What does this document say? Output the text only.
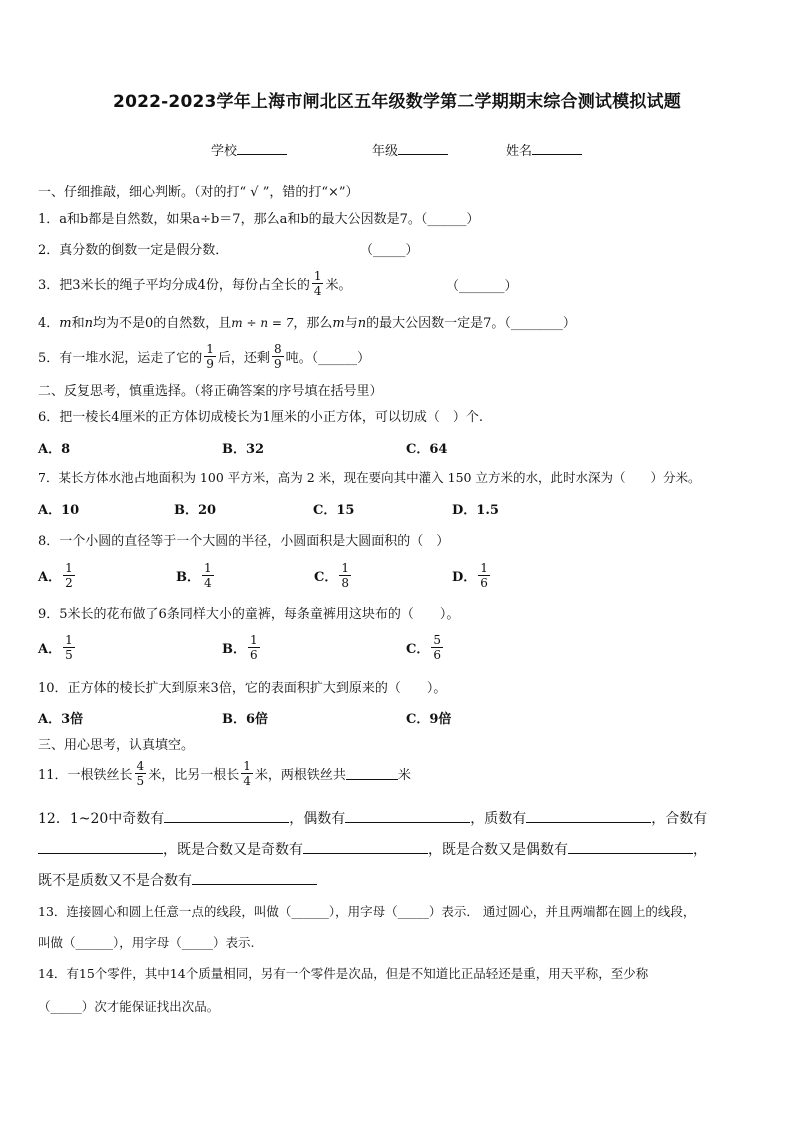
2022-2023学年上海市闸北区五年级数学第二学期期末综合测试模拟试题
学校	年级	姓名
一、仔细推敲，细心判断。（对的打“ √ ”，错的打“×”）
1．a和b都是自然数，如果a÷b＝7，那么a和b的最大公因数是7。（______）
2．真分数的倒数一定是假分数．	（_____）
3．把3米长的绳子平均分成4份，每份占全长的 $\frac{1}{4}$ 米。	（_______）
4．m和n均为不是0的自然数，且m ÷ n = 7，那么m与n的最大公因数一定是7。（________）
5．有一堆水泥，运走了它的 $\frac{1}{9}$ 后，还剩 $\frac{8}{9}$ 吨。（______）
二、反复思考，慎重选择。（将正确答案的序号填在括号里）
6．把一棱长4厘米的正方体切成棱长为1厘米的小正方体，可以切成（　）个.
A．8	B．32	C．64
7．某长方体水池占地面积为 100 平方米，高为 2 米，现在要向其中灌入 150 立方米的水，此时水深为（　　）分米。
A．10	B．20	C．15	D．1.5
8．一个小圆的直径等于一个大圆的半径，小圆面积是大圆面积的（　）
A． $\frac{1}{2}$	B． $\frac{1}{4}$	C． $\frac{1}{8}$	D． $\frac{1}{6}$
9．5米长的花布做了6条同样大小的童裤，每条童裤用这块布的（　　）。
A． $\frac{1}{5}$	B． $\frac{1}{6}$	C． $\frac{5}{6}$
10．正方体的棱长扩大到原来3倍，它的表面积扩大到原来的（　　）。
A．3倍	B．6倍	C．9倍
三、用心思考，认真填空。
11．一根铁丝长 $\frac{4}{5}$ 米，比另一根长 $\frac{1}{4}$ 米，两根铁丝共	米
12．1~20中奇数有	，偶数有	，质数有	，合数有
，既是合数又是奇数有	，既是合数又是偶数有	，
既不是质数又不是合数有
13．连接圆心和圆上任意一点的线段，叫做（______），用字母（_____）表示． 通过圆心，并且两端都在圆上的线段，
叫做（______），用字母（_____）表示.
14．有15个零件，其中14个质量相同，另有一个零件是次品，但是不知道比正品轻还是重，用天平称，至少称
（_____）次才能保证找出次品。
